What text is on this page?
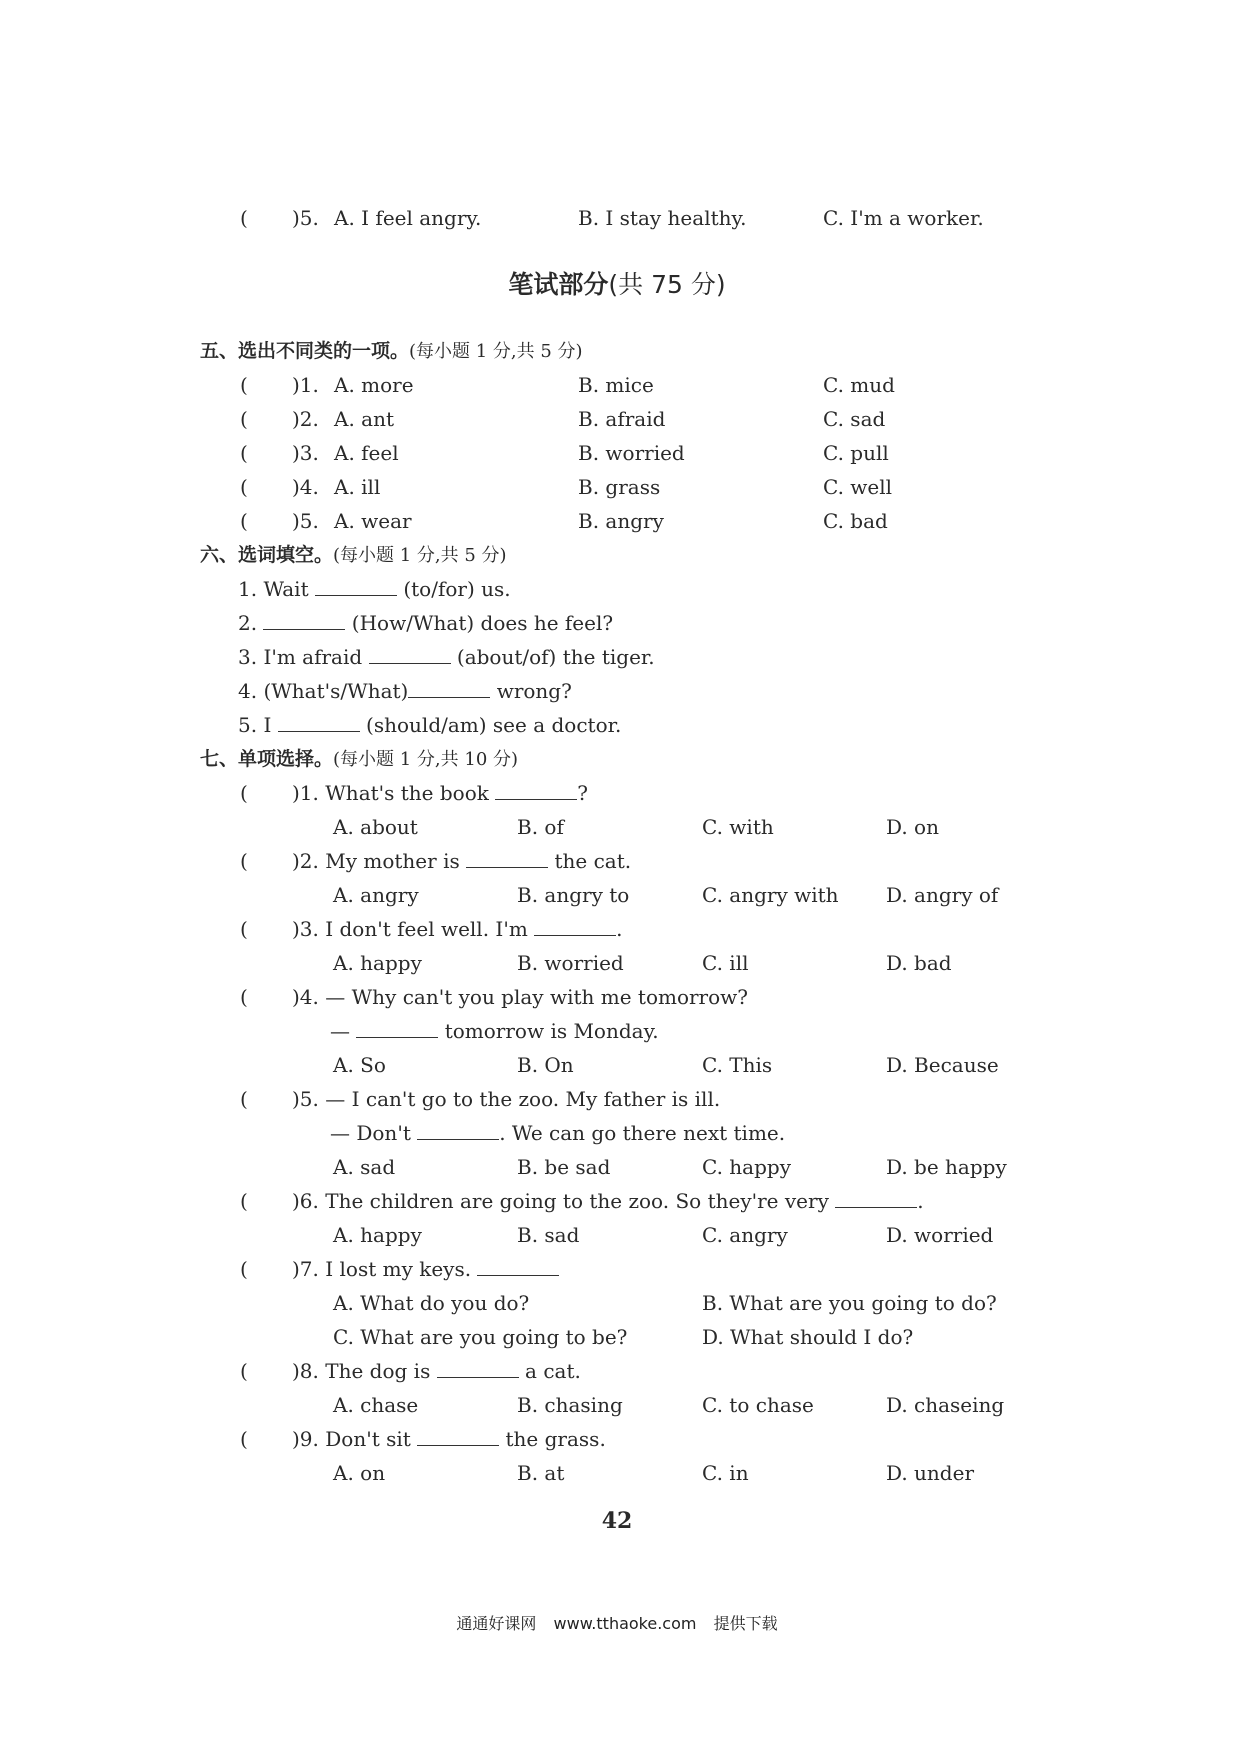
( )5. A. I feel angry.	B. I stay healthy.	C. I'm a worker.
笔试部分(共 75 分)
五、选出不同类的一项。(每小题 1 分,共 5 分)
( )1. A. more	B. mice	C. mud
( )2. A. ant	B. afraid	C. sad
( )3. A. feel	B. worried	C. pull
( )4. A. ill	B. grass	C. well
( )5. A. wear	B. angry	C. bad
六、选词填空。(每小题 1 分,共 5 分)
1. Wait	(to/for) us.
2.	(How/What) does he feel?
3. I'm afraid	(about/of) the tiger.
4. (What's/What)	wrong?
5. I	(should/am) see a doctor.
七、单项选择。(每小题 1 分,共 10 分)
( )1. What's the book	?
A. about	B. of	C. with	D. on
( )2. My mother is	the cat.
A. angry	B. angry to	C. angry with D. angry of
( )3. I don't feel well. I'm	.
A. happy	B. worried	C. ill	D. bad
( )4. — Why can't you play with me tomorrow?
—	tomorrow is Monday.
A. So	B. On	C. This	D. Because
( )5. — I can't go to the zoo. My father is ill.
— Don't	. We can go there next time.
A. sad	B. be sad	C. happy	D. be happy
( )6. The children are going to the zoo. So they're very	.
A. happy	B. sad	C. angry	D. worried
( )7. I lost my keys.
A. What do you do?	B. What are you going to do?
C. What are you going to be?	D. What should I do?
( )8. The dog is	a cat.
A. chase	B. chasing	C. to chase	D. chaseing
( )9. Don't sit	the grass.
A. on	B. at	C. in	D. under
42
通通好课网 www.tthaoke.com 提供下载
